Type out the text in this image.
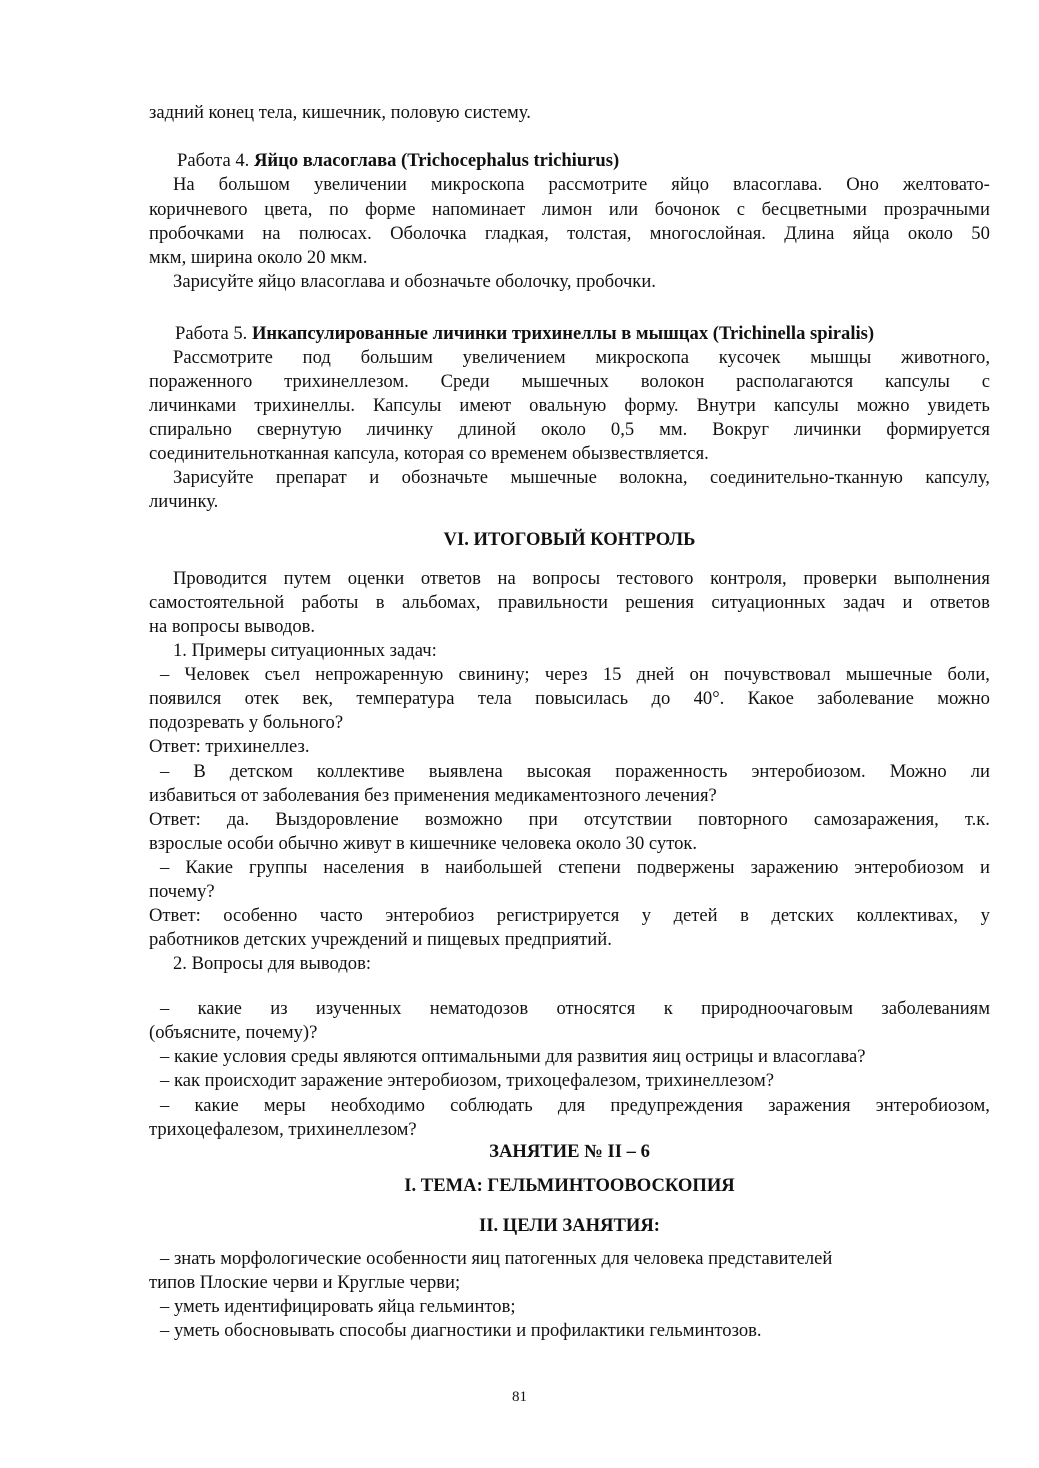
задний конец тела, кишечник, половую систему.
Работа 4. Яйцо власоглава (Trichocephalus trichiurus)
На большом увеличении микроскопа рассмотрите яйцо власоглава. Оно желтовато-
коричневого цвета, по форме напоминает лимон или бочонок с бесцветными прозрачными
пробочками на полюсах. Оболочка гладкая, толстая, многослойная. Длина яйца около 50
мкм, ширина около 20 мкм.
Зарисуйте яйцо власоглава и обозначьте оболочку, пробочки.
Работа 5. Инкапсулированные личинки трихинеллы в мышцах (Trichinella spiralis)
Рассмотрите под большим увеличением микроскопа кусочек мышцы животного,
пораженного трихинеллезом. Среди мышечных волокон располагаются капсулы с
личинками трихинеллы. Капсулы имеют овальную форму. Внутри капсулы можно увидеть
спирально свернутую личинку длиной около 0,5 мм. Вокруг личинки формируется
соединительнотканная капсула, которая со временем обызвествляется.
Зарисуйте препарат и обозначьте мышечные волокна, соединительно-тканную капсулу,
личинку.
VI. ИТОГОВЫЙ КОНТРОЛЬ
Проводится путем оценки ответов на вопросы тестового контроля, проверки выполнения
самостоятельной работы в альбомах, правильности решения ситуационных задач и ответов
на вопросы выводов.
1. Примеры ситуационных задач:
– Человек съел непрожаренную свинину; через 15 дней он почувствовал мышечные боли,
появился отек век, температура тела повысилась до 40°. Какое заболевание можно
подозревать у больного?
Ответ: трихинеллез.
– В детском коллективе выявлена высокая пораженность энтеробиозом. Можно ли
избавиться от заболевания без применения медикаментозного лечения?
Ответ: да. Выздоровление возможно при отсутствии повторного самозаражения, т.к.
взрослые особи обычно живут в кишечнике человека около 30 суток.
– Какие группы населения в наибольшей степени подвержены заражению энтеробиозом и
почему?
Ответ: особенно часто энтеробиоз регистрируется у детей в детских коллективах, у
работников детских учреждений и пищевых предприятий.
2. Вопросы для выводов:
– какие из изученных нематодозов относятся к природноочаговым заболеваниям
(объясните, почему)?
– какие условия среды являются оптимальными для развития яиц острицы и власоглава?
– как происходит заражение энтеробиозом, трихоцефалезом, трихинеллезом?
– какие меры необходимо соблюдать для предупреждения заражения энтеробиозом,
трихоцефалезом, трихинеллезом?
ЗАНЯТИЕ № II – 6
I. ТЕМА: ГЕЛЬМИНТООВОСКОПИЯ
II. ЦЕЛИ ЗАНЯТИЯ:
– знать морфологические особенности яиц патогенных для человека представителей
типов Плоские черви и Круглые черви;
– уметь идентифицировать яйца гельминтов;
– уметь обосновывать способы диагностики и профилактики гельминтозов.
81
